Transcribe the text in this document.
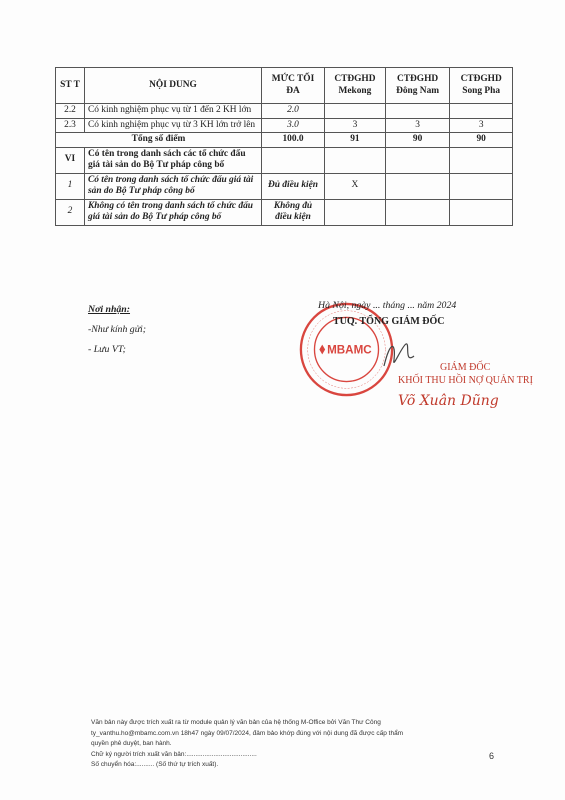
ST T	NỘI DUNG	MỨC TỐI ĐA	CTĐGHD Mekong	CTĐGHD Đông Nam	CTĐGHD Song Pha
2.2	Có kinh nghiệm phục vụ từ 1 đến 2 KH lớn	2.0			
2.3	Có kinh nghiệm phục vụ từ 3 KH lớn trở lên	3.0	3	3	3
Tổng số điểm		100.0	91	90	90
VI	Có tên trong danh sách các tổ chức đấu giá tài sản do Bộ Tư pháp công bố				
1	Có tên trong danh sách tổ chức đấu giá tài sản do Bộ Tư pháp công bố	Đủ điều kiện	X		
2	Không có tên trong danh sách tổ chức đấu giá tài sản do Bộ Tư pháp công bố	Không đủ điều kiện			
Nơi nhận:
-Như kính gửi;
- Lưu VT;	MBAMC
Hà Nội, ngày ... tháng ... năm 2024
TUQ. TỔNG GIÁM ĐỐC
GIÁM ĐỐC
KHỐI THU HỒI NỢ QUẢN TRỊ
Võ Xuân Dũng
Văn bản này được trích xuất ra từ module quản lý văn bản của hệ thống M-Office bởi Văn Thư Công
ty_vanthu.ho@mbamc.com.vn 18h47 ngày 09/07/2024, đảm bảo khớp đúng với nội dung đã được cấp thẩm
quyền phê duyệt, ban hành.
Chữ ký người trích xuất văn bản:.......................................
Số chuyển hóa:.......... (Số thứ tự trích xuất).
6
